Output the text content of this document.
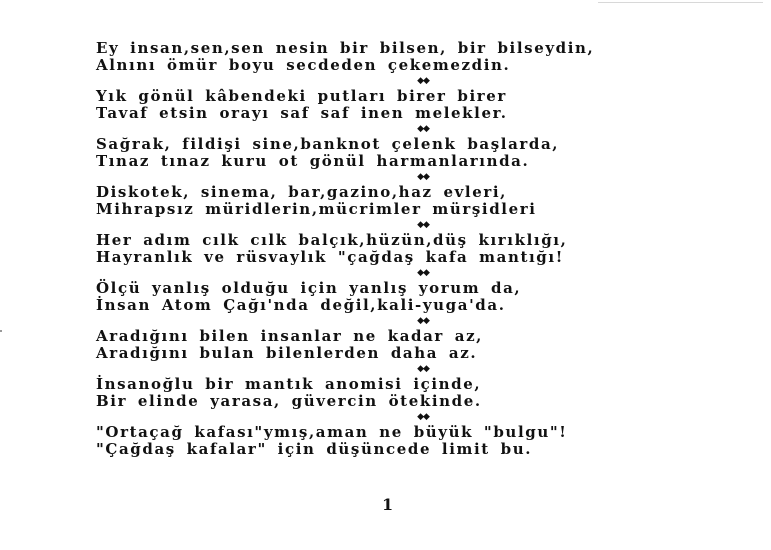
Ey insan,sen,sen nesin bir bilsen, bir bilseydin,
Alnını ömür boyu secdeden çekemezdin.
◆◆
Yık gönül kâbendeki putları birer birer
Tavaf etsin orayı saf saf inen melekler.
◆◆
Sağrak, fildişi sine,banknot çelenk başlarda,
Tınaz tınaz kuru ot gönül harmanlarında.
◆◆
Diskotek, sinema, bar,gazino,haz evleri,
Mihrapsız müridlerin,mücrimler mürşidleri
◆◆
Her adım cılk cılk balçık,hüzün,düş kırıklığı,
Hayranlık ve rüsvaylık "çağdaş kafa mantığı!
◆◆
Ölçü yanlış olduğu için yanlış yorum da,
İnsan Atom Çağı'nda değil,kali-yuga'da.
◆◆
Aradığını bilen insanlar ne kadar az,
Aradığını bulan bilenlerden daha az.
◆◆
İnsanoğlu bir mantık anomisi içinde,
Bir elinde yarasa, güvercin ötekinde.
◆◆
"Ortaçağ kafası"ymış,aman ne büyük "bulgu"!
"Çağdaş kafalar" için düşüncede limit bu.
1
